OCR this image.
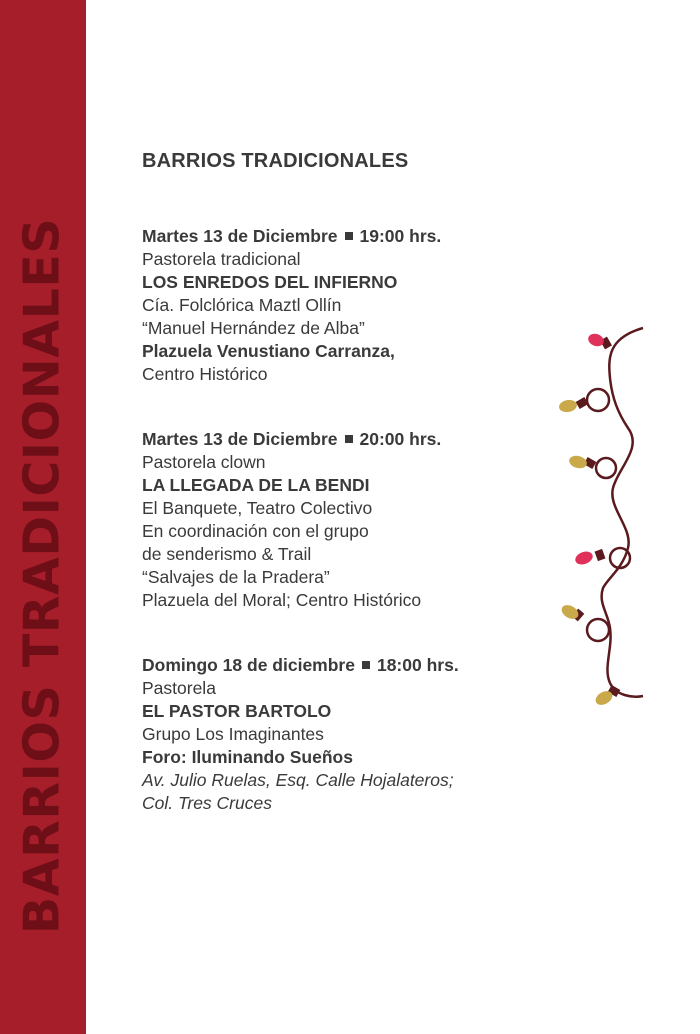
BARRIOS TRADICIONALES
BARRIOS TRADICIONALES
Martes 13 de Diciembre 19:00 hrs.
Pastorela tradicional
LOS ENREDOS DEL INFIERNO
Cía. Folclórica Maztl Ollín
“Manuel Hernández de Alba”
Plazuela Venustiano Carranza,
Centro Histórico
Martes 13 de Diciembre 20:00 hrs.
Pastorela clown
LA LLEGADA DE LA BENDI
El Banquete, Teatro Colectivo
En coordinación con el grupo
de senderismo & Trail
“Salvajes de la Pradera”
Plazuela del Moral; Centro Histórico
Domingo 18 de diciembre 18:00 hrs.
Pastorela
EL PASTOR BARTOLO
Grupo Los Imaginantes
Foro: Iluminando Sueños
Av. Julio Ruelas, Esq. Calle Hojalateros;
Col. Tres Cruces
